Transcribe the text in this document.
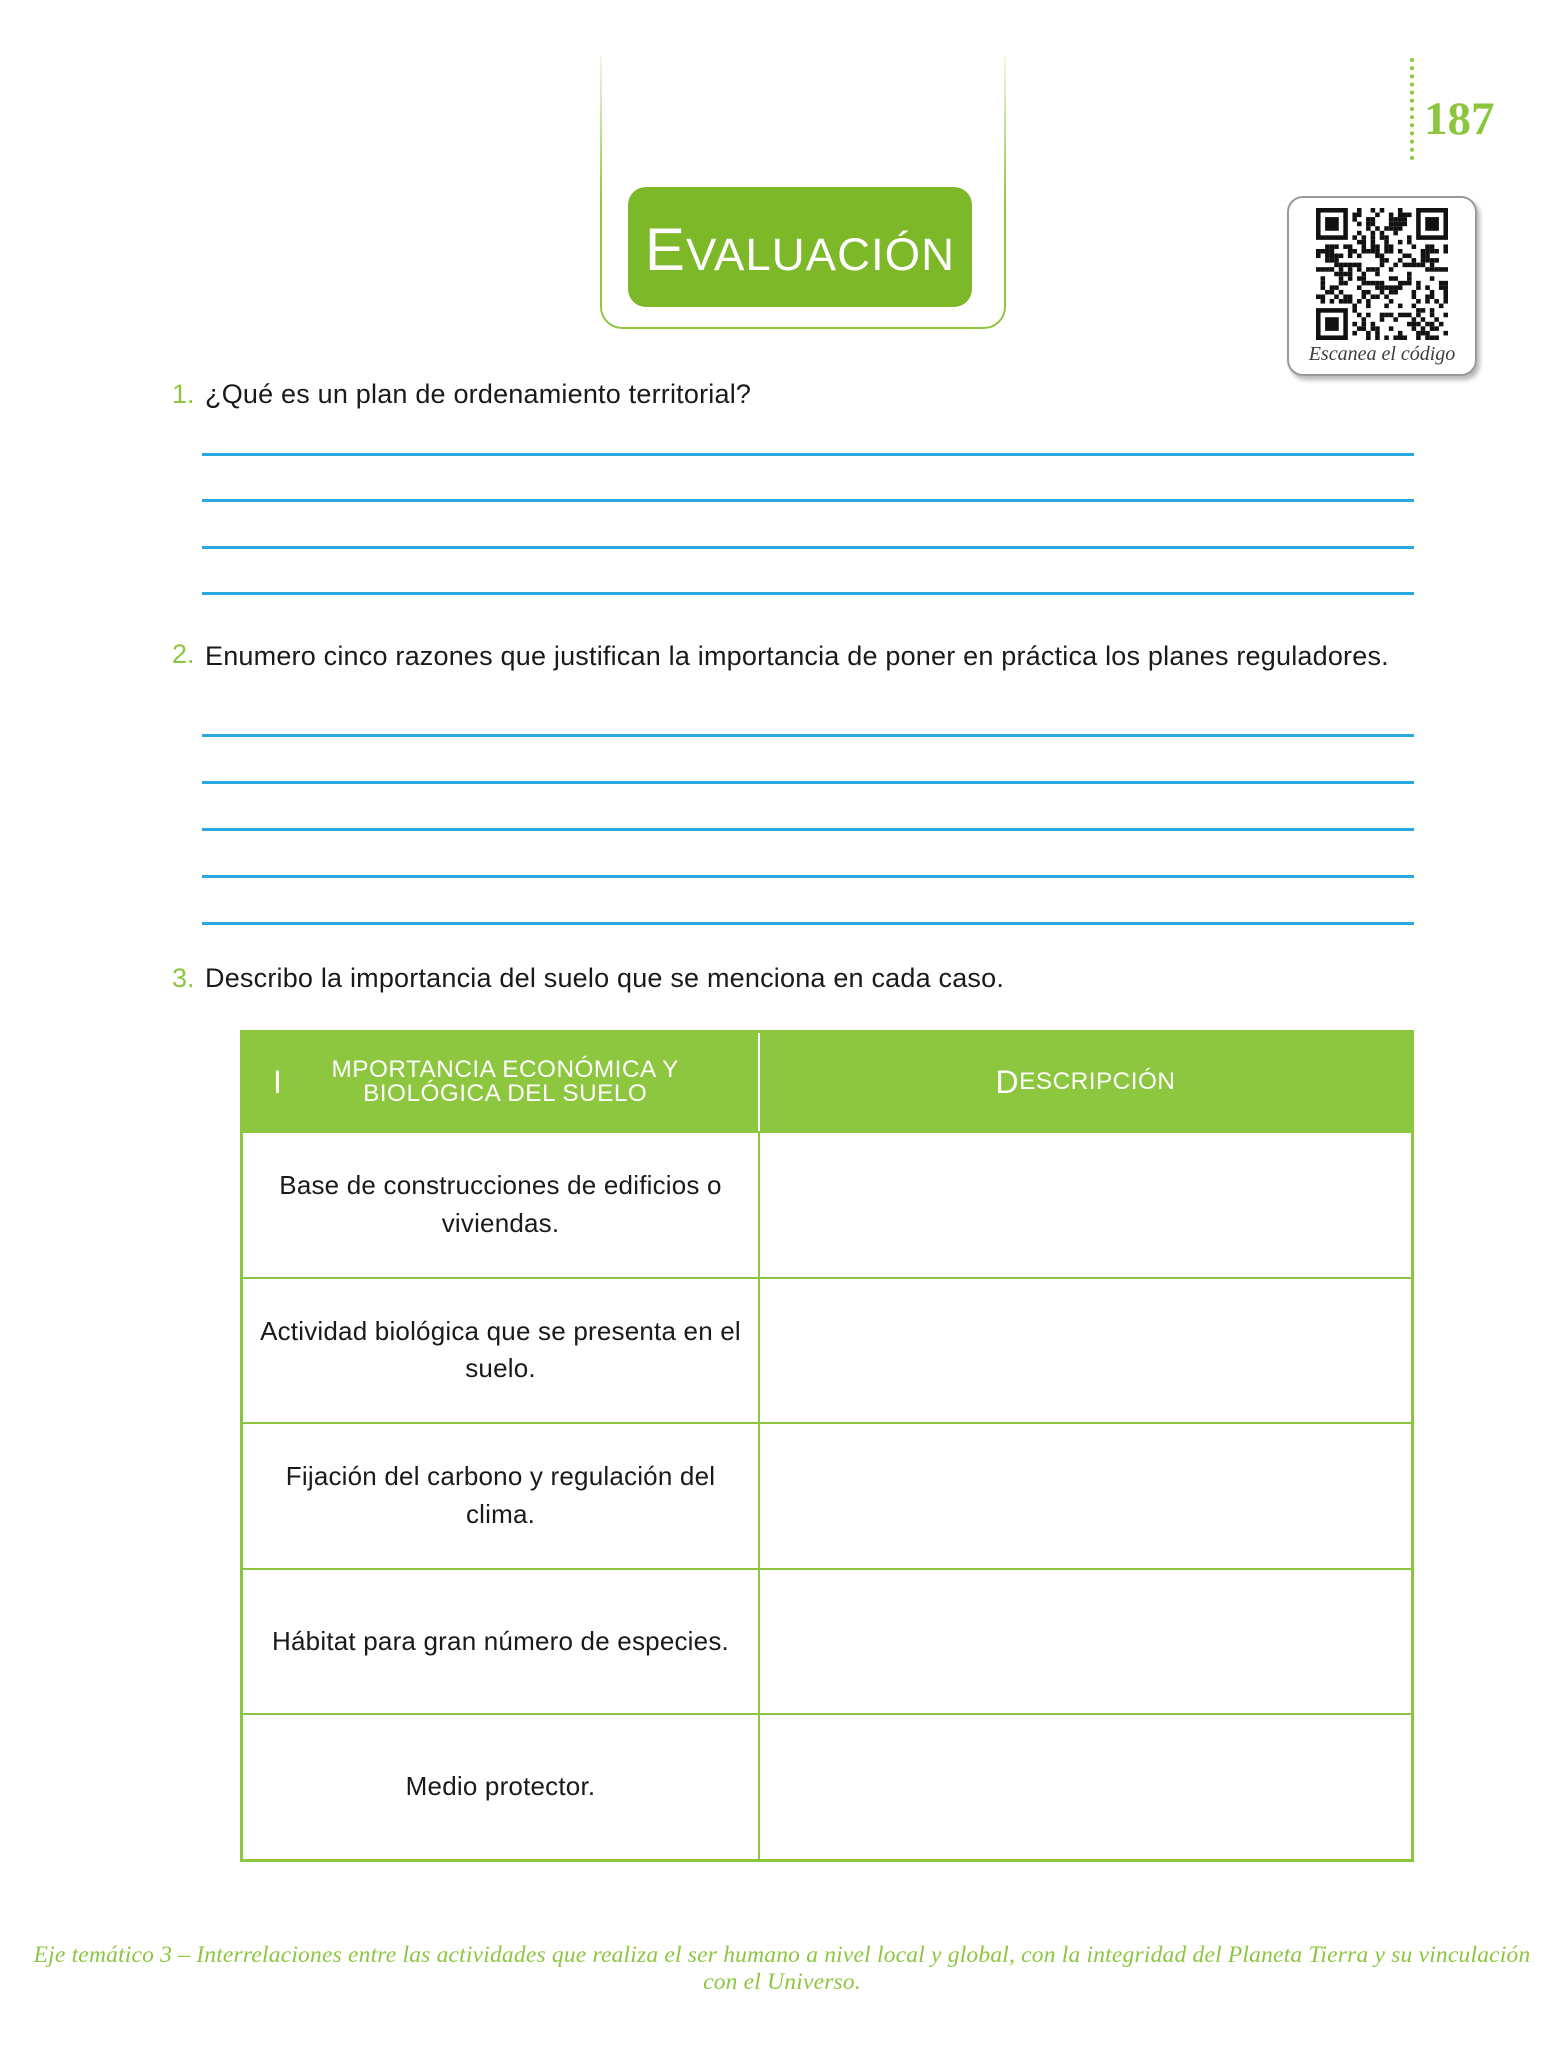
EVALUACIÓN
187
Escanea el código
1. ¿Qué es un plan de ordenamiento territorial?
2. Enumero cinco razones que justifican la importancia de poner en práctica los planes reguladores.
3. Describo la importancia del suelo que se menciona en cada caso.
I	MPORTANCIA ECONÓMICA Y BIOLÓGICA DEL SUELO	D ESCRIPCIÓN
Base de construcciones de edificios o viviendas.
Actividad biológica que se presenta en el suelo.
Fijación del carbono y regulación del clima.
Hábitat para gran número de especies.
Medio protector.
Eje temático 3 – Interrelaciones entre las actividades que realiza el ser humano a nivel local y global, con la integridad del Planeta Tierra y su vinculación con el Universo.
